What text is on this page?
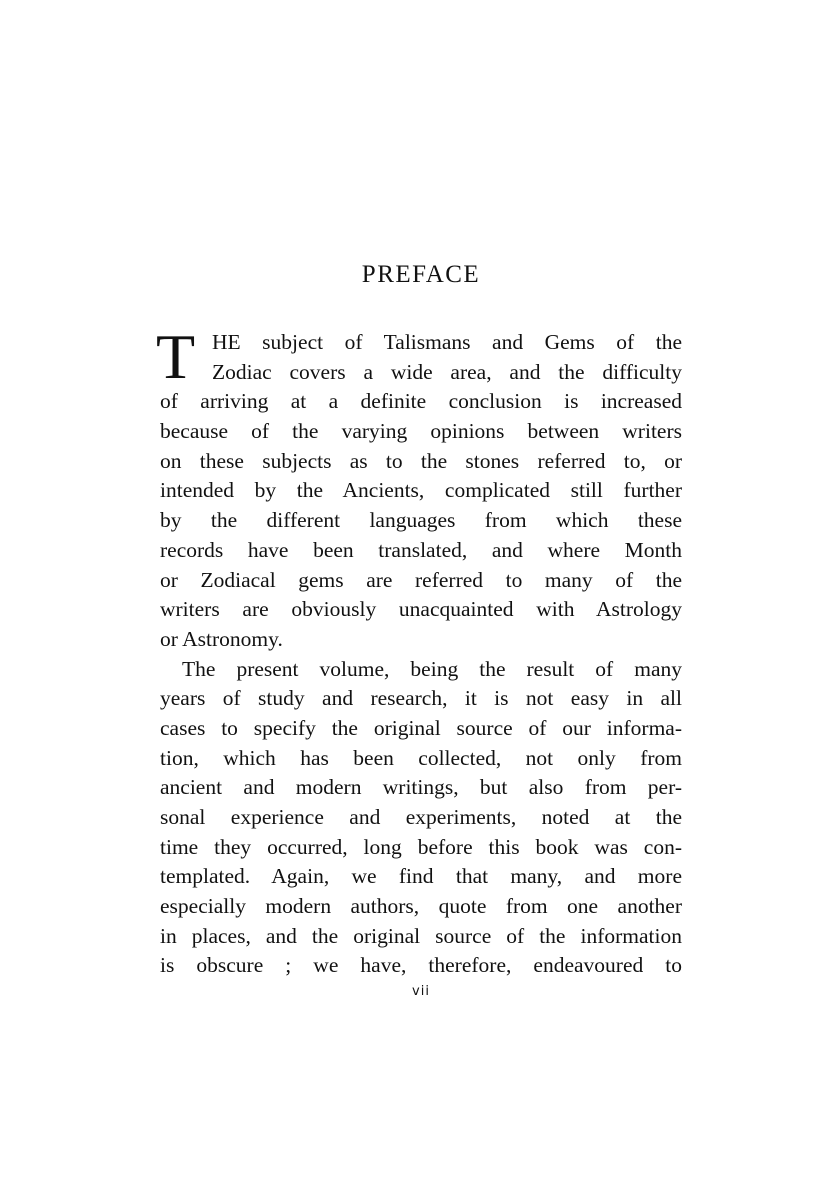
PREFACE
T HE subject of Talismans and Gems of the
Zodiac covers a wide area, and the difficulty
of arriving at a definite conclusion is increased
because of the varying opinions between writers
on these subjects as to the stones referred to, or
intended by the Ancients, complicated still further
by the different languages from which these
records have been translated, and where Month
or Zodiacal gems are referred to many of the
writers are obviously unacquainted with Astrology
or Astronomy.
The present volume, being the result of many
years of study and research, it is not easy in all
cases to specify the original source of our informa-
tion, which has been collected, not only from
ancient and modern writings, but also from per-
sonal experience and experiments, noted at the
time they occurred, long before this book was con-
templated. Again, we find that many, and more
especially modern authors, quote from one another
in places, and the original source of the information
is obscure ; we have, therefore, endeavoured to
vii
